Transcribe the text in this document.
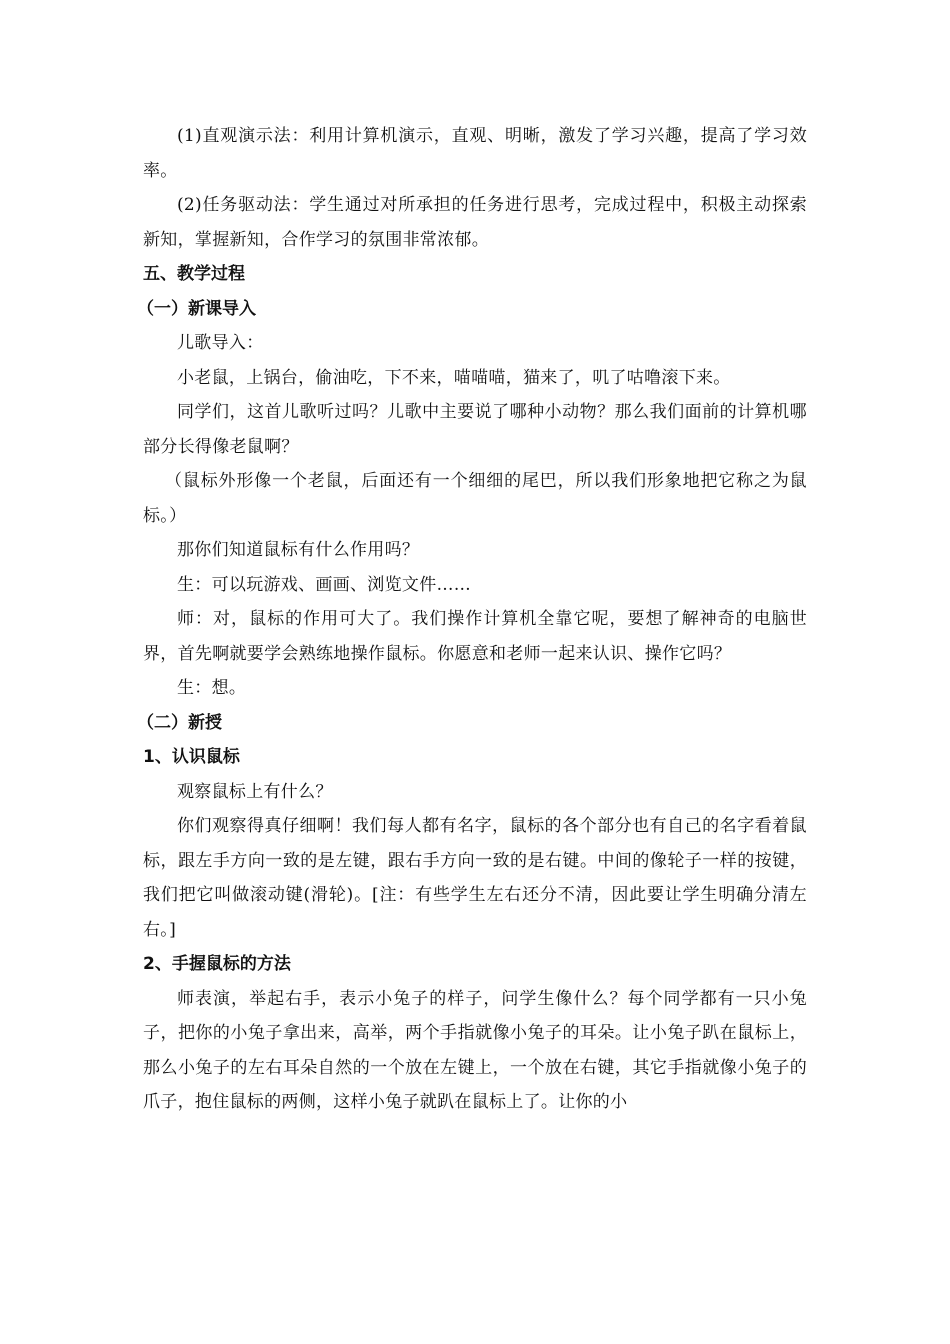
(1)直观演示法：利用计算机演示，直观、明晰，激发了学习兴趣，提高了学习效率。

(2)任务驱动法：学生通过对所承担的任务进行思考，完成过程中，积极主动探索新知，掌握新知，合作学习的氛围非常浓郁。

五、教学过程
（一）新课导入

儿歌导入：

小老鼠，上锅台，偷油吃，下不来，喵喵喵，猫来了，叽了咕噜滚下来。

同学们，这首儿歌听过吗？儿歌中主要说了哪种小动物？那么我们面前的计算机哪部分长得像老鼠啊？

（鼠标外形像一个老鼠，后面还有一个细细的尾巴，所以我们形象地把它称之为鼠标。）

那你们知道鼠标有什么作用吗？

生：可以玩游戏、画画、浏览文件……

师：对，鼠标的作用可大了。我们操作计算机全靠它呢，要想了解神奇的电脑世界，首先啊就要学会熟练地操作鼠标。你愿意和老师一起来认识、操作它吗？

生：想。

（二）新授
1、认识鼠标

观察鼠标上有什么？

你们观察得真仔细啊！我们每人都有名字，鼠标的各个部分也有自己的名字看着鼠标，跟左手方向一致的是左键，跟右手方向一致的是右键。中间的像轮子一样的按键，我们把它叫做滚动键(滑轮)。[注：有些学生左右还分不清，因此要让学生明确分清左右。]

2、手握鼠标的方法

师表演，举起右手，表示小兔子的样子，问学生像什么？每个同学都有一只小兔子，把你的小兔子拿出来，高举，两个手指就像小兔子的耳朵。让小兔子趴在鼠标上，那么小兔子的左右耳朵自然的一个放在左键上，一个放在右键，其它手指就像小兔子的爪子，抱住鼠标的两侧，这样小兔子就趴在鼠标上了。让你的小
